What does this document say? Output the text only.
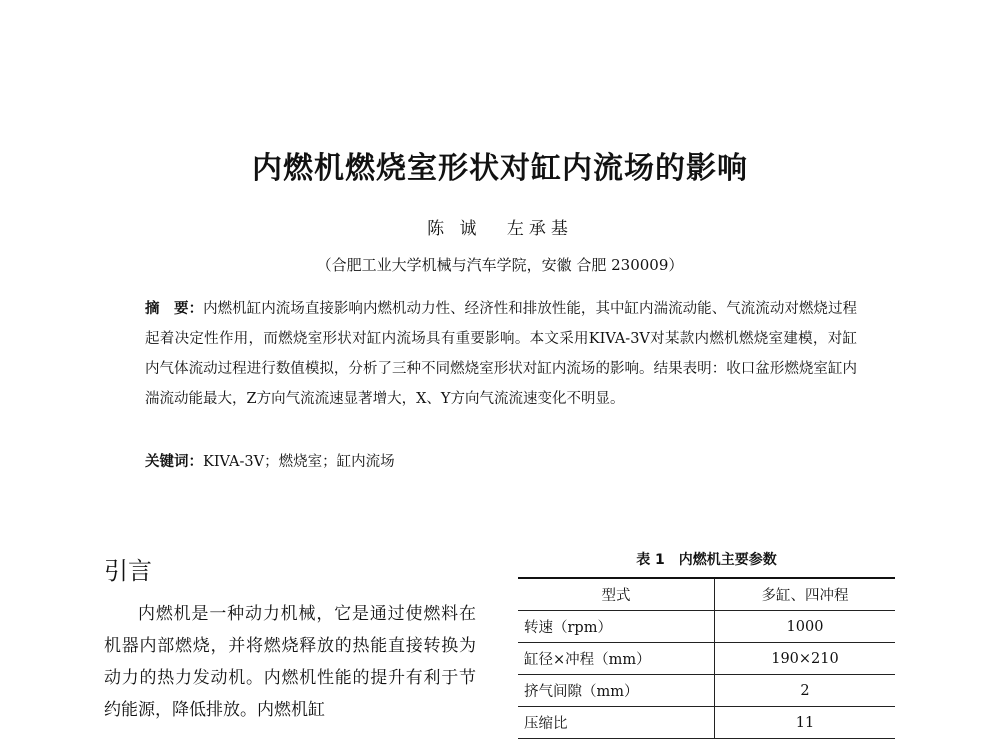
内燃机燃烧室形状对缸内流场的影响
陈 诚 左承基
（合肥工业大学机械与汽车学院，安徽 合肥 230009）
摘　要：内燃机缸内流场直接影响内燃机动力性、经济性和排放性能，其中缸内湍流动能、气流流动对燃烧过程起着决定性作用，而燃烧室形状对缸内流场具有重要影响。本文采用KIVA-3V对某款内燃机燃烧室建模，对缸内气体流动过程进行数值模拟，分析了三种不同燃烧室形状对缸内流场的影响。结果表明：收口盆形燃烧室缸内湍流动能最大，Z方向气流流速显著增大，X、Y方向气流流速变化不明显。
关键词：KIVA-3V；燃烧室；缸内流场
引言
内燃机是一种动力机械，它是通过使燃料在机器内部燃烧，并将燃烧释放的热能直接转换为动力的热力发动机。内燃机性能的提升有利于节约能源，降低排放。内燃机缸
表 1　内燃机主要参数
型式	多缸、四冲程
转速（rpm）	1000
缸径×冲程（mm）	190×210
挤气间隙（mm）	2
压缩比	11
